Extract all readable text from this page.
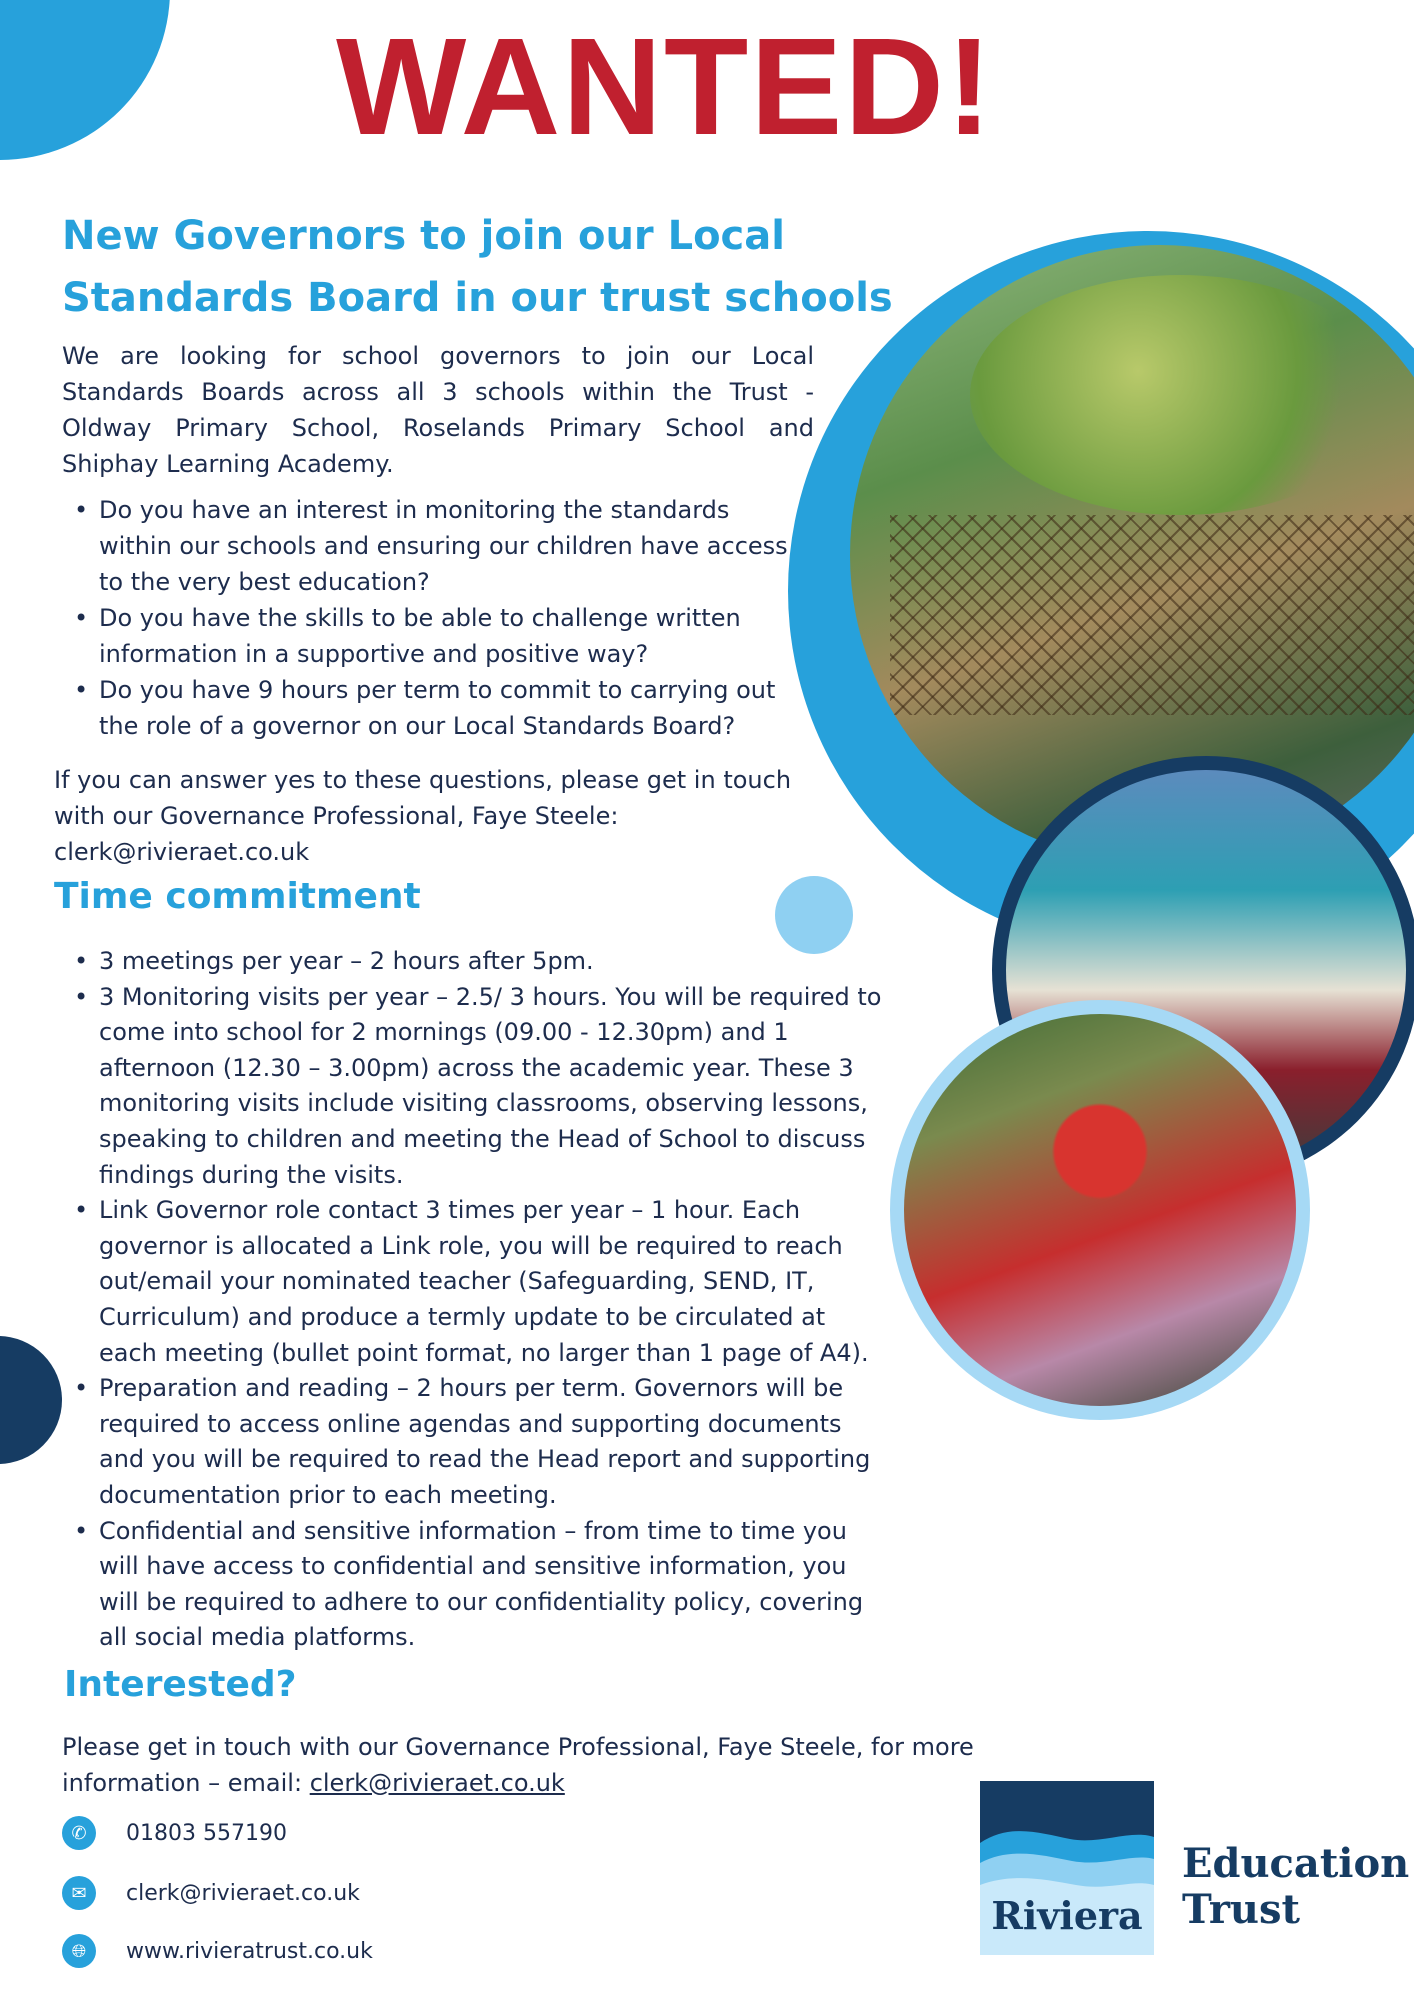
WANTED!
New Governors to join our Local
Standards Board in our trust schools

We are looking for school governors to join our Local Standards Boards across all 3 schools within the Trust - Oldway Primary School, Roselands Primary School and Shiphay Learning Academy.

• Do you have an interest in monitoring the standards within our schools and ensuring our children have access to the very best education?
• Do you have the skills to be able to challenge written information in a supportive and positive way?
• Do you have 9 hours per term to commit to carrying out the role of a governor on our Local Standards Board?

If you can answer yes to these questions, please get in touch with our Governance Professional, Faye Steele: clerk@rivieraet.co.uk

Time commitment
• 3 meetings per year – 2 hours after 5pm.
• 3 Monitoring visits per year – 2.5/ 3 hours. You will be required to come into school for 2 mornings (09.00 - 12.30pm) and 1 afternoon (12.30 – 3.00pm) across the academic year. These 3 monitoring visits include visiting classrooms, observing lessons, speaking to children and meeting the Head of School to discuss findings during the visits.
• Link Governor role contact 3 times per year – 1 hour. Each governor is allocated a Link role, you will be required to reach out/email your nominated teacher (Safeguarding, SEND, IT, Curriculum) and produce a termly update to be circulated at each meeting (bullet point format, no larger than 1 page of A4).
• Preparation and reading – 2 hours per term. Governors will be required to access online agendas and supporting documents and you will be required to read the Head report and supporting documentation prior to each meeting.
• Confidential and sensitive information – from time to time you will have access to confidential and sensitive information, you will be required to adhere to our confidentiality policy, covering all social media platforms.
Interested?

Please get in touch with our Governance Professional, Faye Steele, for more information – email: clerk@rivieraet.co.uk

✆	01803 557190
✉	clerk@rivieraet.co.uk
🌐︎	www.rivieratrust.co.uk
Riviera
Education
Trust
